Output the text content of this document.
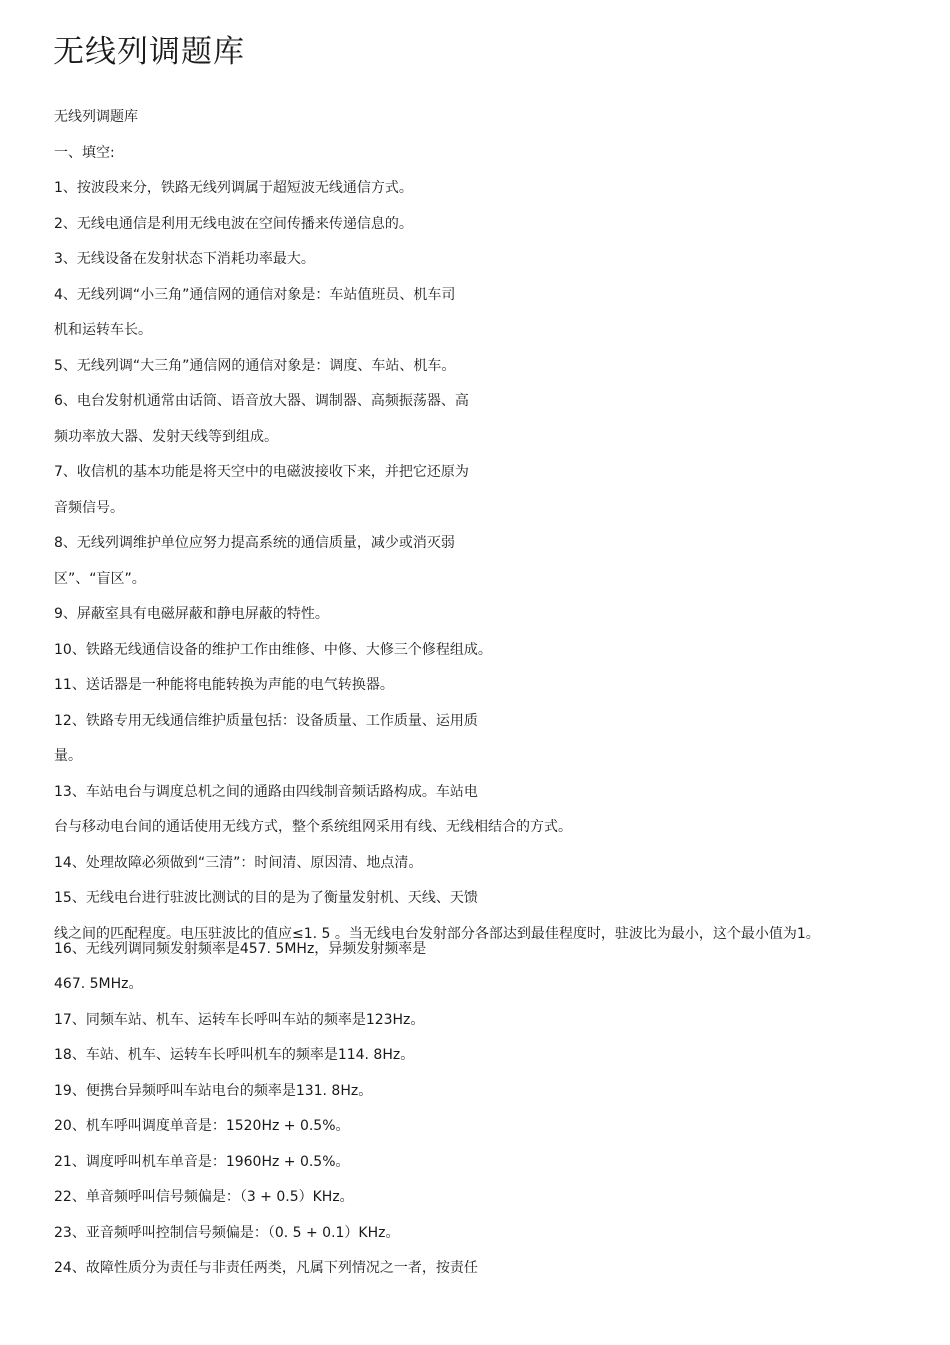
无线列调题库

无线列调题库

一、填空:

1、按波段来分，铁路无线列调属于超短波无线通信方式。

2、无线电通信是利用无线电波在空间传播来传递信息的。

3、无线设备在发射状态下消耗功率最大。

4、无线列调“小三角”通信网的通信对象是：车站值班员、机车司

机和运转车长。

5、无线列调“大三角”通信网的通信对象是：调度、车站、机车。

6、电台发射机通常由话筒、语音放大器、调制器、高频振荡器、高

频功率放大器、发射天线等到组成。

7、收信机的基本功能是将天空中的电磁波接收下来，并把它还原为

音频信号。

8、无线列调维护单位应努力提高系统的通信质量，减少或消灭弱

区”、“盲区”。

9、屏蔽室具有电磁屏蔽和静电屏蔽的特性。

10、铁路无线通信设备的维护工作由维修、中修、大修三个修程组成。

11、送话器是一种能将电能转换为声能的电气转换器。

12、铁路专用无线通信维护质量包括：设备质量、工作质量、运用质

量。

13、车站电台与调度总机之间的通路由四线制音频话路构成。车站电

台与移动电台间的通话使用无线方式，整个系统组网采用有线、无线相结合的方式。

14、处理故障必须做到“三清”：时间清、原因清、地点清。

15、无线电台进行驻波比测试的目的是为了衡量发射机、天线、天馈

线之间的匹配程度。电压驻波比的值应≤1. 5 。当无线电台发射部分各部达到最佳程度时，驻波比为最小，这个最小值为1。

16、无线列调同频发射频率是457. 5MHz，异频发射频率是

467. 5MHz。

17、同频车站、机车、运转车长呼叫车站的频率是123Hz。

18、车站、机车、运转车长呼叫机车的频率是114. 8Hz。

19、便携台异频呼叫车站电台的频率是131. 8Hz。

20、机车呼叫调度单音是：1520Hz + 0.5%。

21、调度呼叫机车单音是：1960Hz + 0.5%。

22、单音频呼叫信号频偏是：（3 + 0.5）KHz。

23、亚音频呼叫控制信号频偏是：（0. 5 + 0.1）KHz。

24、故障性质分为责任与非责任两类，凡属下列情况之一者，按责任
